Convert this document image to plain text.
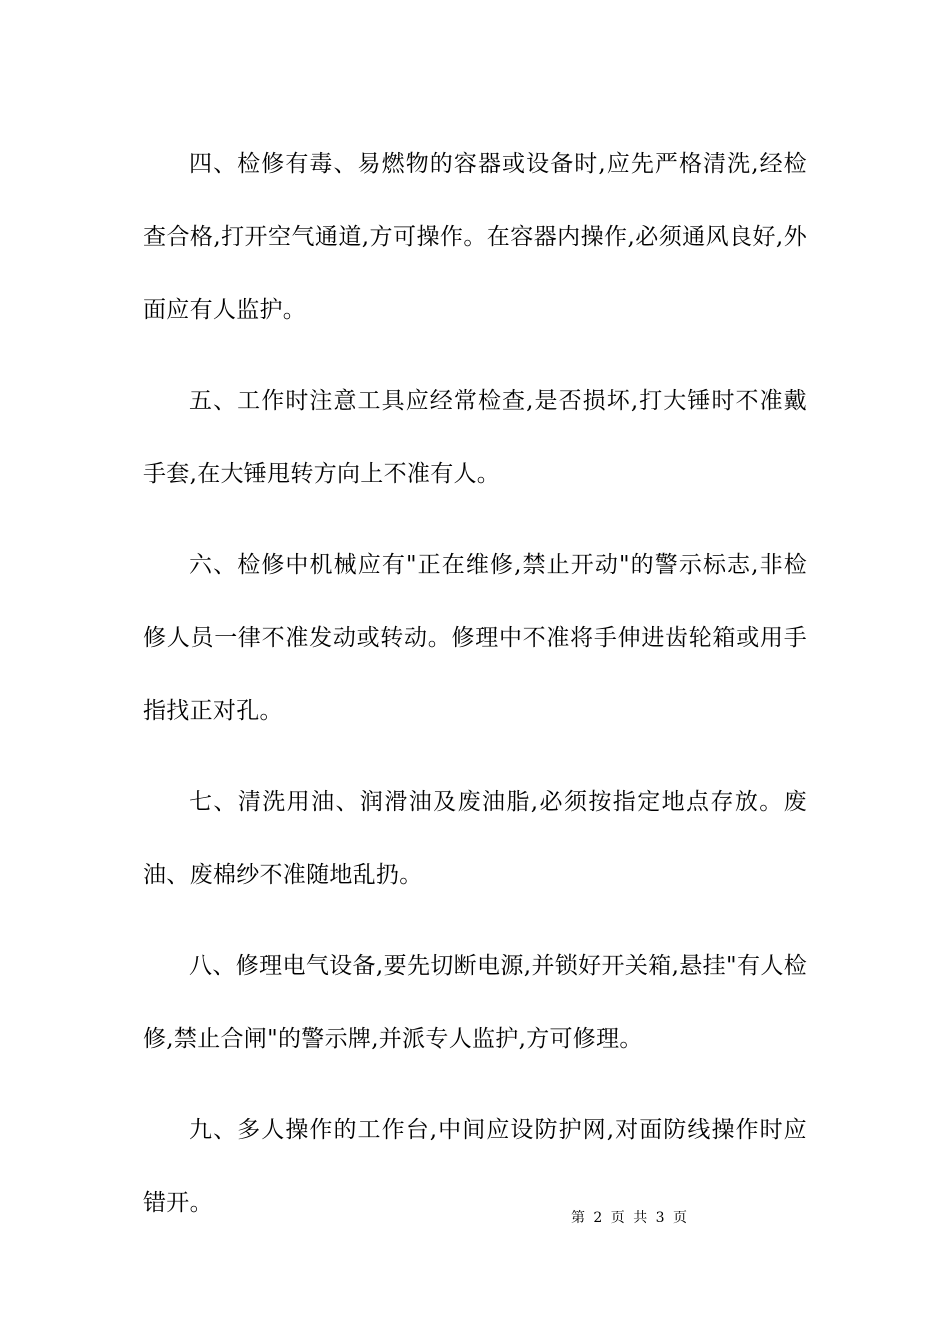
四、检修有毒、易燃物的容器或设备时,应先严格清洗,经检查合格,打开空气通道,方可操作。在容器内操作,必须通风良好,外面应有人监护。

五、工作时注意工具应经常检查,是否损坏,打大锤时不准戴手套,在大锤甩转方向上不准有人。

六、检修中机械应有"正在维修,禁止开动"的警示标志,非检修人员一律不准发动或转动。修理中不准将手伸进齿轮箱或用手指找正对孔。

七、清洗用油、润滑油及废油脂,必须按指定地点存放。废油、废棉纱不准随地乱扔。

八、修理电气设备,要先切断电源,并锁好开关箱,悬挂"有人检修,禁止合闸"的警示牌,并派专人监护,方可修理。

九、多人操作的工作台,中间应设防护网,对面防线操作时应错开。

第 2 页 共 3 页
